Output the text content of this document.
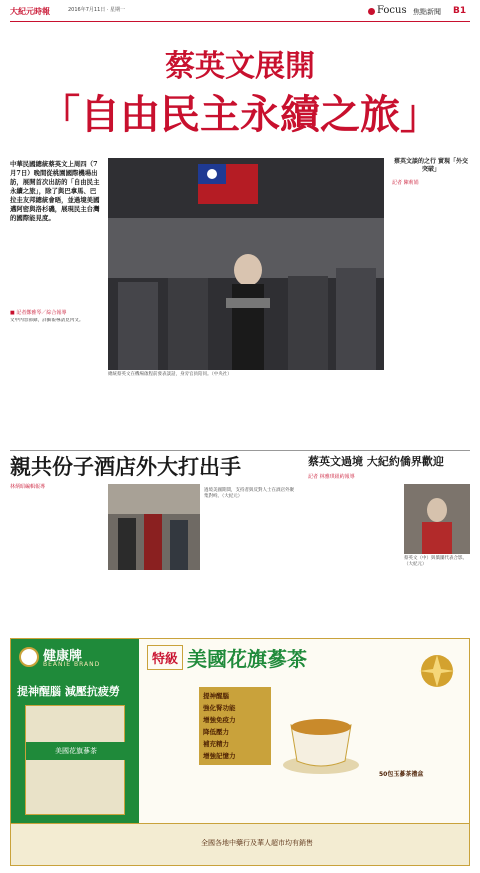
大紀元時報	2016年7月11日 · 星期一	Focus 焦點新聞 B1
蔡英文展開
「自由民主永續之旅」
中華民國總統蔡英文上周四（7月7日）晚間從桃園國際機場出訪，展開首次出訪的「自由民主永續之旅」，除了與巴拿馬、巴拉圭友邦總統會晤，並過境美國邁阿密與洛杉磯，展現民主台灣的國際能見度。
■ 記者鄭雅琴／綜合報導
文中內容節錄，詳細報導請見內文。
總統蔡英文在機場啟程前發表談話，身旁官員陪同。（中央社）
蔡英文談的之行 實現「外交突破」
記者 陳莉娟
親共份子酒店外大打出手
林炳昭編輯報導
過境美國期間，支持者與反對人士在酒店外聚集對峙。（大紀元）
蔡英文過境 大紀約僑界歡迎
記者 林雅琪紐約報導
蔡英文（中）與僑團代表合影。（大紀元）
健康牌
BEANIE BRAND
提神醒腦 減壓抗疲勞
美國花旗蔘茶
特級 美國花旗蔘茶
提神醒腦
強化腎功能
增強免疫力
降低壓力
補充精力
增強記憶力
50包玉蔘茶禮盒
全國各地中藥行及華人超市均有銷售
